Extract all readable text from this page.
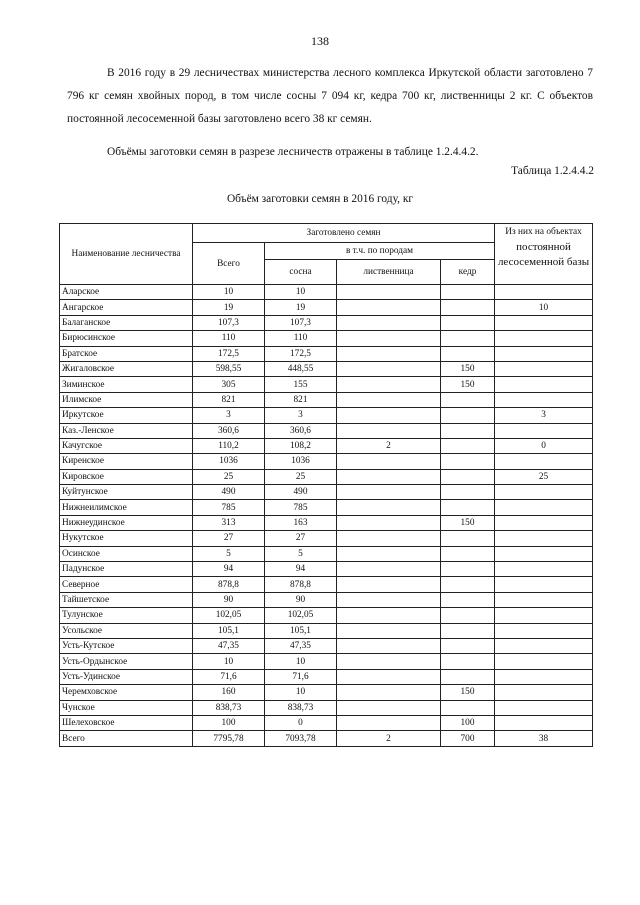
138

В 2016 году в 29 лесничествах министерства лесного комплекса Иркутской области заготовлено 7 796 кг семян хвойных пород, в том числе сосны 7 094 кг, кедра 700 кг, лиственницы 2 кг. С объектов постоянной лесосеменной базы заготовлено всего 38 кг семян.

Объёмы заготовки семян в разрезе лесничеств отражены в таблице 1.2.4.4.2.

Таблица 1.2.4.4.2
Объём заготовки семян в 2016 году, кг
Наименование лесничества	Заготовлено семян				Из них на объектах
постоянной лесосеменной базы
	Всего	в т.ч. по породам			
		сосна	лиственница	кедр	
Аларское	10	10			
Ангарское	19	19			10
Балаганское	107,3	107,3			
Бирюсинское	110	110			
Братское	172,5	172,5			
Жигаловское	598,55	448,55		150	
Зиминское	305	155		150	
Илимское	821	821			
Иркутское	3	3			3
Каз.-Ленское	360,6	360,6			
Качугское	110,2	108,2	2		0
Киренское	1036	1036			
Кировское	25	25			25
Куйтунское	490	490			
Нижнеилимское	785	785			
Нижнеудинское	313	163		150	
Нукутское	27	27			
Осинское	5	5			
Падунское	94	94			
Северное	878,8	878,8			
Тайшетское	90	90			
Тулунское	102,05	102,05			
Усольское	105,1	105,1			
Усть-Кутское	47,35	47,35			
Усть-Ордынское	10	10			
Усть-Удинское	71,6	71,6			
Черемховское	160	10		150	
Чунское	838,73	838,73			
Шелеховское	100	0		100	
Всего	7795,78	7093,78	2	700	38
